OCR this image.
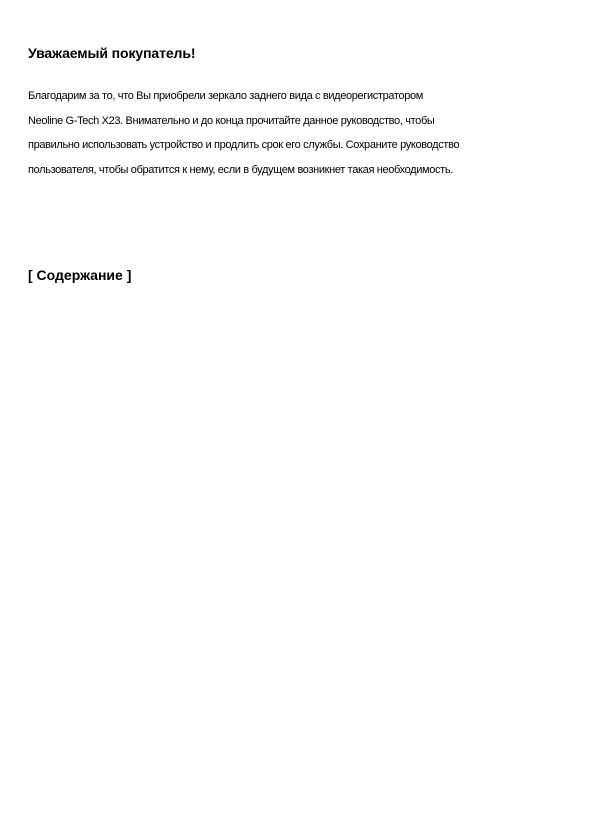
Уважаемый покупатель!

Благодарим за то, что Вы приобрели зеркало заднего вида с видеорегистратором
Neoline G-Tech X23. Внимательно и до конца прочитайте данное руководство, чтобы
правильно использовать устройство и продлить срок его службы. Сохраните руководство
пользователя, чтобы обратится к нему, если в будущем возникнет такая необходимость.

[ Содержание ]
